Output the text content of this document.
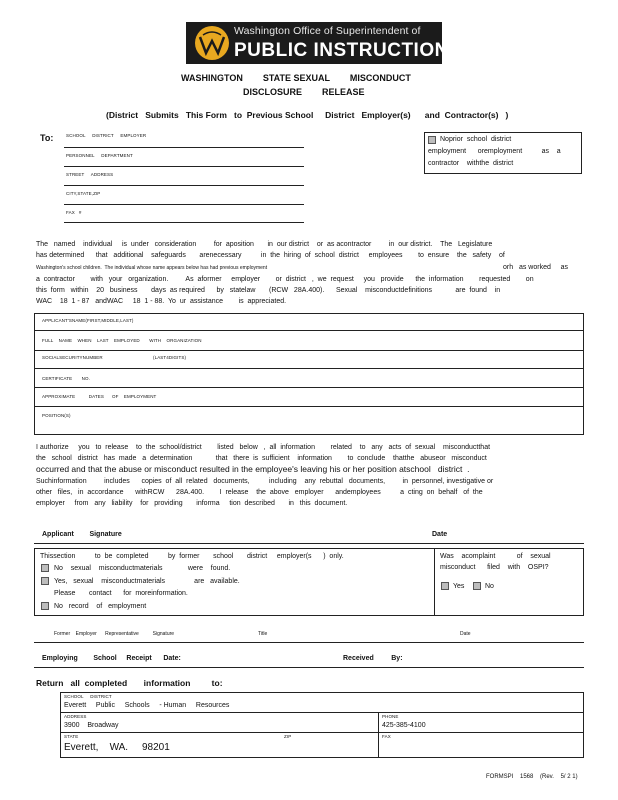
Washington Office of Superintendent of
PUBLIC INSTRUCTION
WASHINGTON        STATE SEXUAL        MISCONDUCT
DISCLOSURE        RELEASE
(District   Submits   This Form   to  Previous School     District   Employer(s)      and  Contractor(s)   )
To:	SCHOOL     DISTRICT     EMPLOYER
PERSONNEL     DEPARTMENT
STREET     ADDRESS
CITY,STATE,ZIP
FAX   #
Noprior  school  district
employment      oremployment          as    a
contractor    withthe  district
The   named    individual     is  under   consideration         for  aposition       in  our district    or  as acontractor         in  our district.    The   Legislature
has determined      that   additional    safeguards       arenecessary          in  the  hiring  of  school  district     employees        to  ensure    the   safety    of
Washington's school children.  The individual whose name appears below has had previous employment	orh   as worked     as
a  contractor        with   your   organization.         As  aformer     employer        or  district   ,  we  request     you   provide      the  information        requested        on
this  form   within    20   business       days  as required      by   statelaw       (RCW   28A.400).      Sexual    misconductdefinitions            are  found    in
WAC    18  1 - 87   andWAC     18  1 - 88.  Yo  ur  assistance        is  appreciated.
APPLICANT'SNAME(FIRST,MIDDLE,LAST)
FULL    NAME    WHEN    LAST    EMPLOYED       WITH    ORGANIZATION
SOCIALSECURITYNUMBER	(LAST4DIGITS)
CERTIFICATE       NO.
APPROXIMATE          DATES      OF    EMPLOYMENT
POSITION(S)
I authorize     you   to  release    to  the  school/district        listed   below   ,  all  information        related    to   any   acts  of  sexual    misconductthat
the   school   district   has  made   a  determination            that   there  is  sufficient    information        to  conclude    thatthe   abuseor   misconduct
occurred and that the abuse or misconduct resulted in the employee's leaving his or her position atschool   district  .
Suchinformation         includes      copies  of  all  related   documents,          including    any  rebuttal   documents,         in  personnel, investigative or
other   files,   in  accordance      withRCW      28A.400.        I  release    the  above   employer      andemployees          a  cting  on  behalf   of  the
employer     from   any   liability    for   providing       informa     tion  described       in   this  document.
Applicant        Signature	Date
Thissection          to  be  completed          by  former       school       district     employer(s      )  only.
No    sexual    misconductmaterials             were    found.
Yes,   sexual    misconductmaterials               are   available.
Please       contact      for  moreinformation.
No   record    of   employment
Was    acomplaint           of    sexual
misconduct      filed    with    OSPI?
Yes	No
Former    Employer      Representative          Signature	Title	Date
Employing        School     Receipt      Date:	Received         By:
Return   all  completed       information         to:
SCHOOL     DISTRICT
Everett     Public     Schools     - Human     Resources
ADDRESS
3900    Broadway
PHONE
425-385-4100
STATE	ZIP	FAX
Everett,    WA.     98201
FORMSPI    1568    (Rev.    5/ 2 1)
